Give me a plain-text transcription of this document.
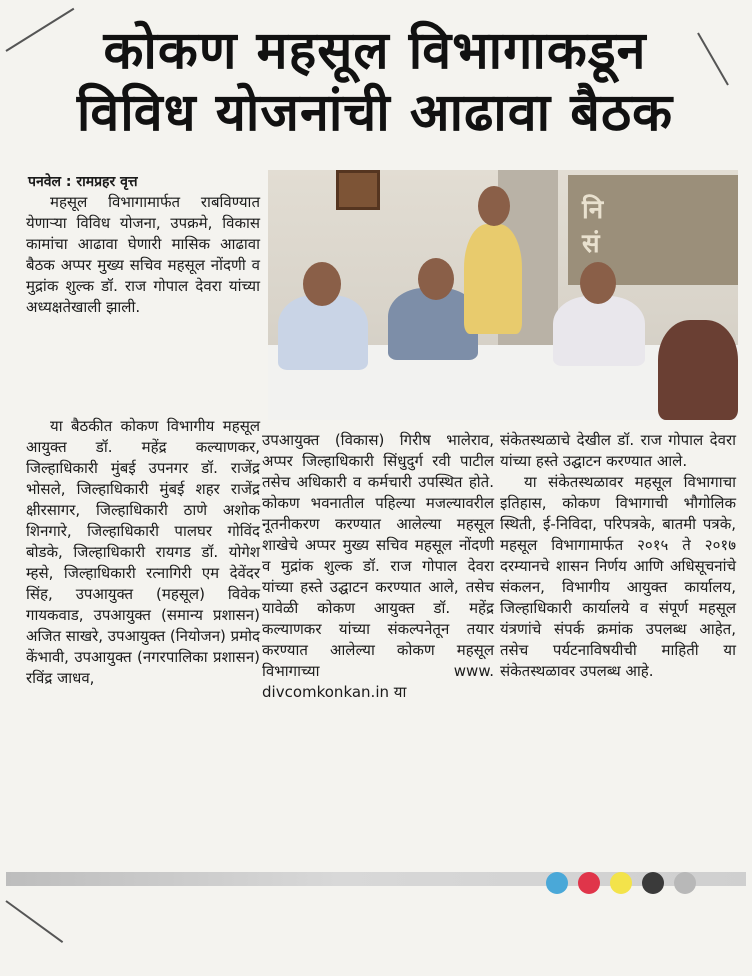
कोकण महसूल विभागाकडून
विविध योजनांची आढावा बैठक
पनवेल : रामप्रहर वृत्त

महसूल विभागामार्फत राबविण्यात येणाऱ्या विविध योजना, उपक्रमे, विकास कामांचा आढावा घेणारी मासिक आढावा बैठक अप्पर मुख्य सचिव महसूल नोंदणी व मुद्रांक शुल्क डॉ. राज गोपाल देवरा यांच्या अध्यक्षतेखाली झाली.

नि
सं

या बैठकीत कोकण विभागीय महसूल आयुक्त डॉ. महेंद्र कल्याणकर, जिल्हाधिकारी मुंबई उपनगर डॉ. राजेंद्र भोसले, जिल्हाधिकारी मुंबई शहर राजेंद्र क्षीरसागर, जिल्हाधिकारी ठाणे अशोक शिनगारे, जिल्हाधिकारी पालघर गोविंद बोडके, जिल्हाधिकारी रायगड डॉ. योगेश म्हसे, जिल्हाधिकारी रत्नागिरी एम देवेंदर सिंह, उपआयुक्त (महसूल) विवेक गायकवाड, उपआयुक्त (समान्य प्रशासन) अजित साखरे, उपआयुक्त (नियोजन) प्रमोद केंभावी, उपआयुक्त (नगरपालिका प्रशासन) रविंद्र जाधव,

उपआयुक्त (विकास) गिरीष भालेराव, अप्पर जिल्हाधिकारी सिंधुदुर्ग रवी पाटील तसेच अधिकारी व कर्मचारी उपस्थित होते. कोकण भवनातील पहिल्या मजल्यावरील नूतनीकरण करण्यात आलेल्या महसूल शाखेचे अप्पर मुख्य सचिव महसूल नोंदणी व मुद्रांक शुल्क डॉ. राज गोपाल देवरा यांच्या हस्ते उद्घाटन करण्यात आले, तसेच यावेळी कोकण आयुक्त डॉ. महेंद्र कल्याणकर यांच्या संकल्पनेतून तयार करण्यात आलेल्या कोकण महसूल विभागाच्या www. divcomkonkan.in या

संकेतस्थळाचे देखील डॉ. राज गोपाल देवरा यांच्या हस्ते उद्घाटन करण्यात आले.

या संकेतस्थळावर महसूल विभागाचा इतिहास, कोकण विभागाची भौगोलिक स्थिती, ई-निविदा, परिपत्रके, बातमी पत्रके, महसूल विभागामार्फत २०१५ ते २०१७ दरम्यानचे शासन निर्णय आणि अधिसूचनांचे संकलन, विभागीय आयुक्त कार्यालय, जिल्हाधिकारी कार्यालये व संपूर्ण महसूल यंत्रणांचे संपर्क क्रमांक उपलब्ध आहेत, तसेच पर्यटनाविषयीची माहिती या संकेतस्थळावर उपलब्ध आहे.
